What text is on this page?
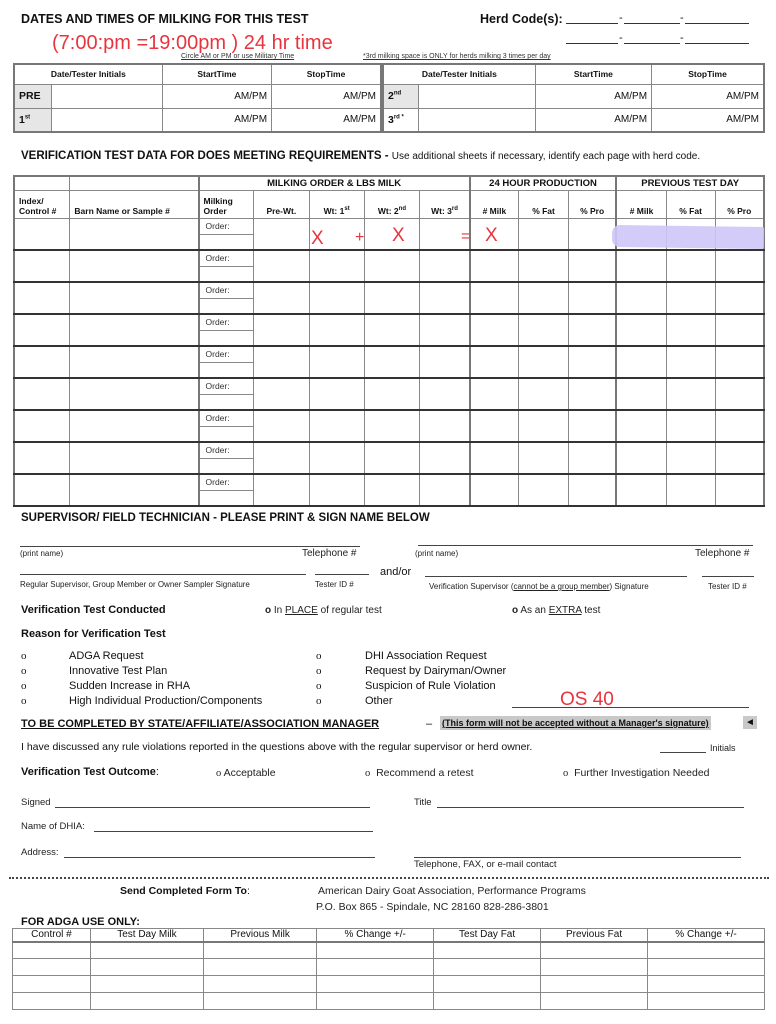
DATES AND TIMES OF MILKING FOR THIS TEST
(7:00:pm =19:00pm ) 24 hr time
Herd Code(s):	-	-
-	-
Circle AM or PM or use Military Time	*3rd milking space is ONLY for herds milking 3 times per day
Date/Tester Initials		StartTime	StopTime
PRE		AM/PM	AM/PM
1st		AM/PM	AM/PM
Date/Tester Initials		StartTime	StopTime
2nd		AM/PM	AM/PM
$3^{rd *}$		AM/PM	AM/PM
VERIFICATION TEST DATA FOR DOES MEETING REQUIREMENTS - Use additional sheets if necessary, identify each page with herd code.
		MILKING ORDER & LBS MILK					24 HOUR PRODUCTION			PREVIOUS TEST DAY		
Index/ Control #	Barn Name or Sample #	Milking Order	Pre-Wt.	Wt: 1st	Wt: 2nd	Wt: 3rd	# Milk	% Fat	% Pro	# Milk	% Fat	% Pro

		Order:										

		Order:										

		Order:										

		Order:										

		Order:										

		Order:										

		Order:										

		Order:										

		Order:										

X + X	= X
SUPERVISOR/ FIELD TECHNICIAN - PLEASE PRINT & SIGN NAME BELOW
(print name)	Telephone #
Regular Supervisor, Group Member or Owner Sampler Signature	Tester ID #
and/or
(print name)	Telephone #
Verification Supervisor (cannot be a group member) Signature	Tester ID #
Verification Test Conducted	o In PLACE of regular test	o As an EXTRA test
Reason for Verification Test
o	ADGA Request
o	Innovative Test Plan
o	Sudden Increase in RHA
o	High Individual Production/Components
o	DHI Association Request
o	Request by Dairyman/Owner
o	Suspicion of Rule Violation
o	Other	OS 40
TO BE COMPLETED BY STATE/AFFILIATE/ASSOCIATION MANAGER	– (This form will not be accepted without a Manager's signature)	◄
I have discussed any rule violations reported in the questions above with the regular supervisor or herd owner.	Initials
Verification Test Outcome:	o Acceptable	o Recommend a retest	o Further Investigation Needed
Signed	Title
Name of DHIA:
Address:
Telephone, FAX, or e-mail contact
Send Completed Form To:	American Dairy Goat Association, Performance Programs
P.O. Box 865 - Spindale, NC 28160 828-286-3801
FOR ADGA USE ONLY:
Control #	Test Day Milk	Previous Milk	% Change +/-	Test Day Fat	Previous Fat	% Change +/-
